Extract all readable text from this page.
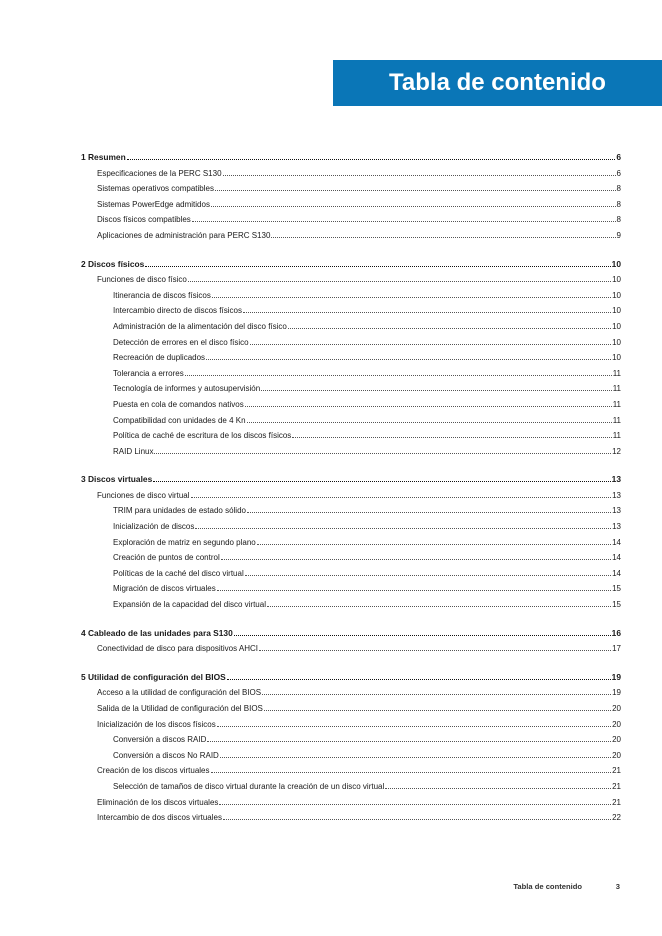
Tabla de contenido
1 Resumen	6
Especificaciones de la PERC S130	6
Sistemas operativos compatibles	8
Sistemas PowerEdge admitidos	8
Discos físicos compatibles	8
Aplicaciones de administración para PERC S130	9
2 Discos físicos	10
Funciones de disco físico	10
Itinerancia de discos físicos	10
Intercambio directo de discos físicos	10
Administración de la alimentación del disco físico	10
Detección de errores en el disco físico	10
Recreación de duplicados	10
Tolerancia a errores	11
Tecnología de informes y autosupervisión	11
Puesta en cola de comandos nativos	11
Compatibilidad con unidades de 4 Kn	11
Política de caché de escritura de los discos físicos	11
RAID Linux	12
3 Discos virtuales	13
Funciones de disco virtual	13
TRIM para unidades de estado sólido	13
Inicialización de discos	13
Exploración de matriz en segundo plano	14
Creación de puntos de control	14
Políticas de la caché del disco virtual	14
Migración de discos virtuales	15
Expansión de la capacidad del disco virtual	15
4 Cableado de las unidades para S130	16
Conectividad de disco para dispositivos AHCI	17
5 Utilidad de configuración del BIOS	19
Acceso a la utilidad de configuración del BIOS	19
Salida de la Utilidad de configuración del BIOS	20
Inicialización de los discos físicos	20
Conversión a discos RAID	20
Conversión a discos No RAID	20
Creación de los discos virtuales	21
Selección de tamaños de disco virtual durante la creación de un disco virtual	21
Eliminación de los discos virtuales	21
Intercambio de dos discos virtuales	22
Tabla de contenido	3
